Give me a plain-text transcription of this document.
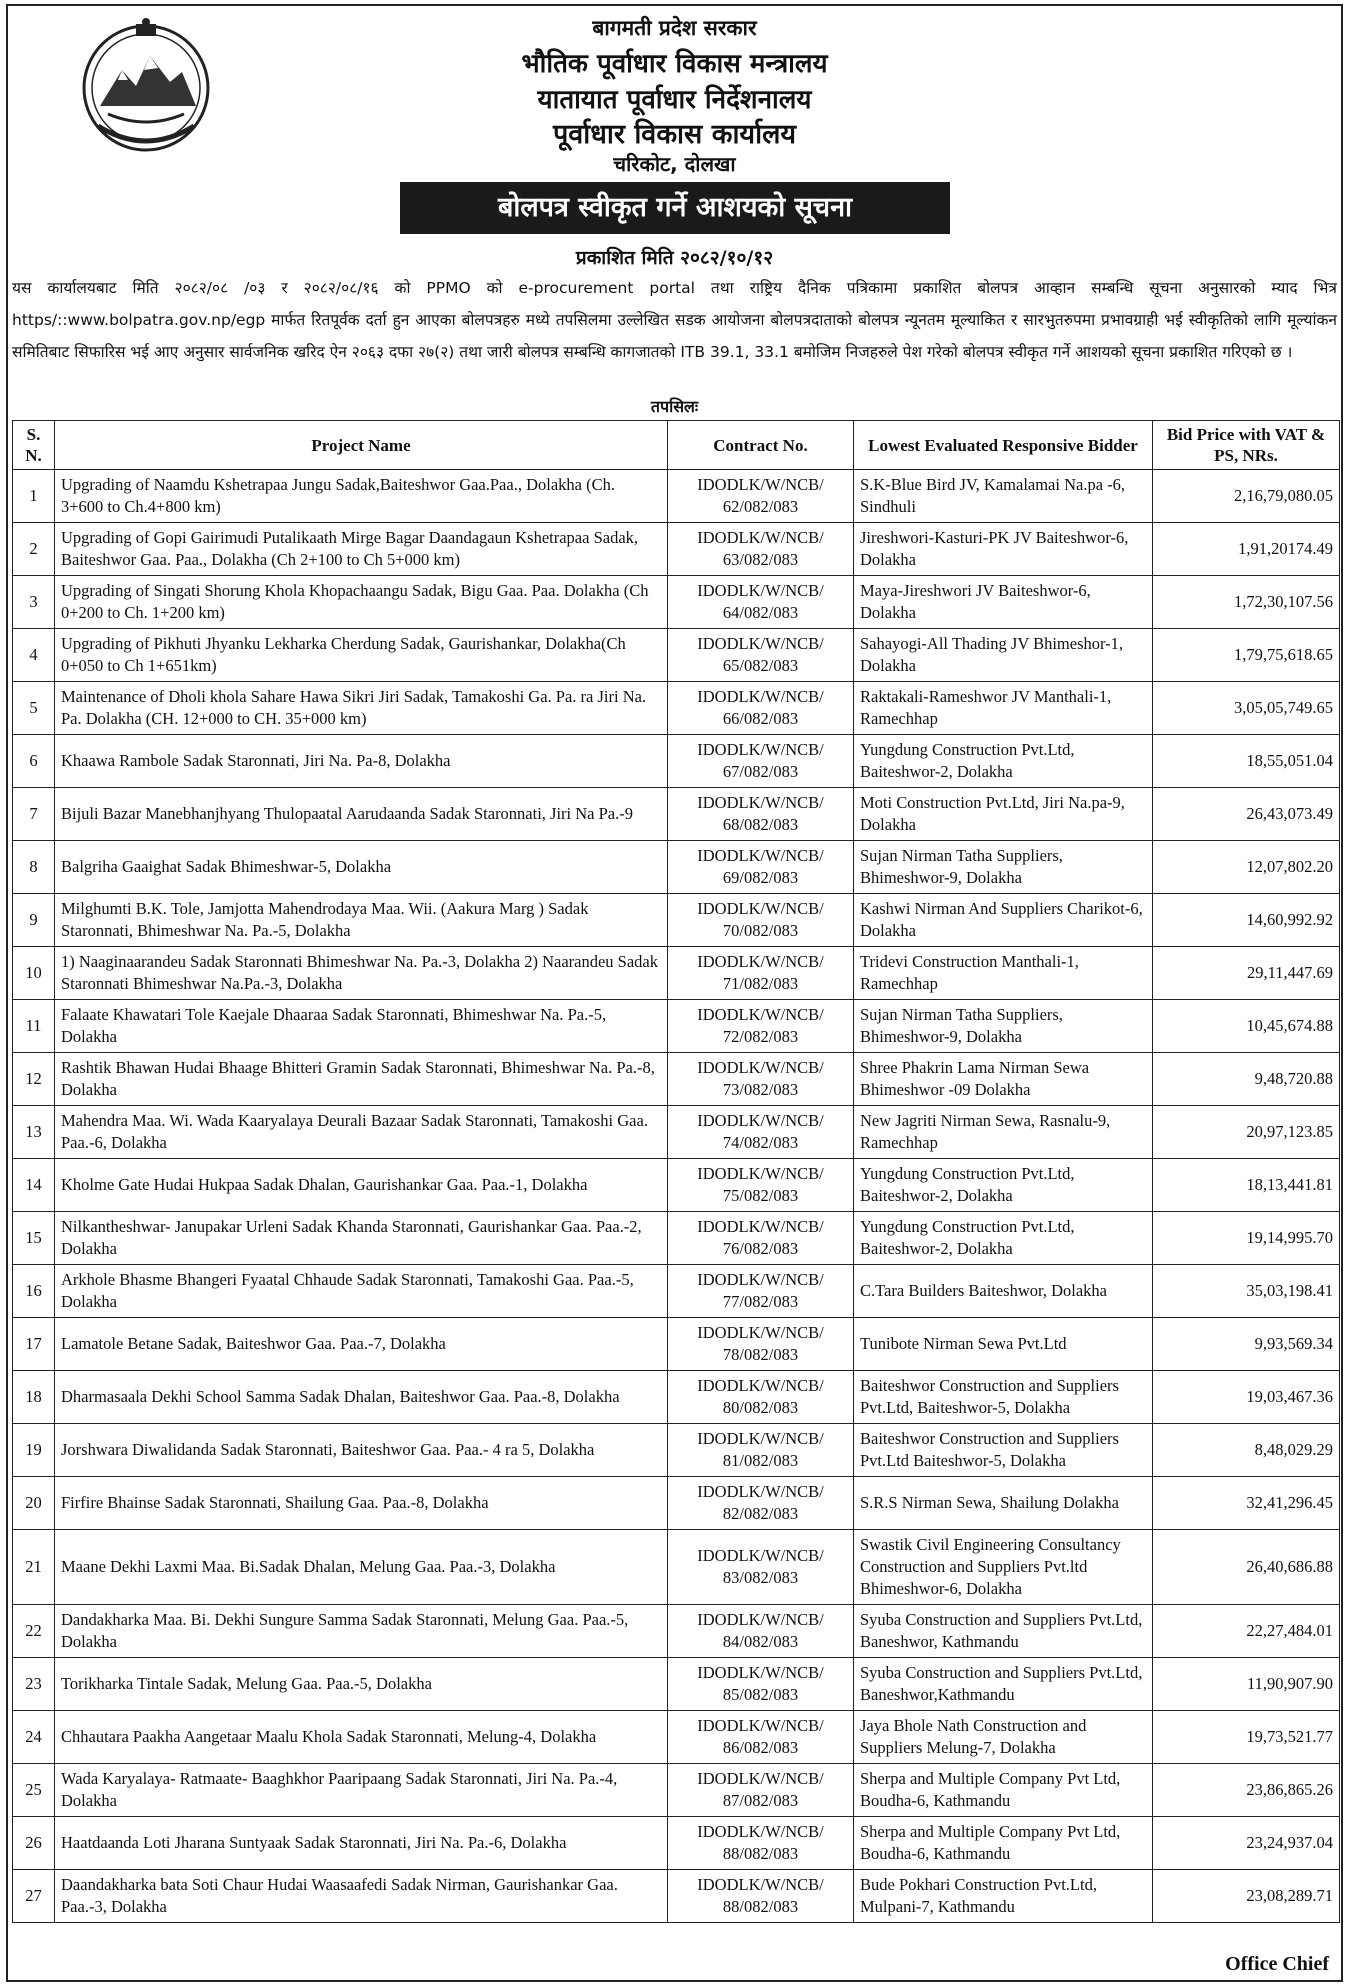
बागमती प्रदेश सरकार
भौतिक पूर्वाधार विकास मन्त्रालय
यातायात पूर्वाधार निर्देशनालय
पूर्वाधार विकास कार्यालय
चरिकोट, दोलखा
बोलपत्र स्वीकृत गर्ने आशयको सूचना
प्रकाशित मिति २०८२/१०/१२
यस कार्यालयबाट मिति २०८२/०८ /०३ र २०८२/०८/१६ को PPMO को e-procurement portal तथा राष्ट्रिय दैनिक पत्रिकामा प्रकाशित बोलपत्र आव्हान सम्बन्धि सूचना अनुसारको म्याद भित्र https/::www.bolpatra.gov.np/egp मार्फत रितपूर्वक दर्ता हुन आएका बोलपत्रहरु मध्ये तपसिलमा उल्लेखित सडक आयोजना बोलपत्रदाताको बोलपत्र न्यूनतम मूल्याकित र सारभुतरुपमा प्रभावग्राही भई स्वीकृतिको लागि मूल्यांकन समितिबाट सिफारिस भई आए अनुसार सार्वजनिक खरिद ऐन २०६३ दफा २७(२) तथा जारी बोलपत्र सम्बन्धि कागजातको ITB 39.1, 33.1 बमोजिम निजहरुले पेश गरेको बोलपत्र स्वीकृत गर्ने आशयको सूचना प्रकाशित गरिएको छ ।
तपसिलः
S. N.	Project Name	Contract No.	Lowest Evaluated Responsive Bidder	Bid Price with VAT & PS, NRs.
1	Upgrading of Naamdu Kshetrapaa Jungu Sadak,Baiteshwor Gaa.Paa., Dolakha (Ch. 3+600 to Ch.4+800 km)	IDODLK/W/NCB/ 62/082/083	S.K-Blue Bird JV, Kamalamai Na.pa -6, Sindhuli	2,16,79,080.05
2	Upgrading of Gopi Gairimudi Putalikaath Mirge Bagar Daandagaun Kshetrapaa Sadak, Baiteshwor Gaa. Paa., Dolakha (Ch 2+100 to Ch 5+000 km)	IDODLK/W/NCB/ 63/082/083	Jireshwori-Kasturi-PK JV Baiteshwor-6, Dolakha	1,91,20174.49
3	Upgrading of Singati Shorung Khola Khopachaangu Sadak, Bigu Gaa. Paa. Dolakha (Ch 0+200 to Ch. 1+200 km)	IDODLK/W/NCB/ 64/082/083	Maya-Jireshwori JV Baiteshwor-6, Dolakha	1,72,30,107.56
4	Upgrading of Pikhuti Jhyanku Lekharka Cherdung Sadak, Gaurishankar, Dolakha(Ch 0+050 to Ch 1+651km)	IDODLK/W/NCB/ 65/082/083	Sahayogi-All Thading JV Bhimeshor-1, Dolakha	1,79,75,618.65
5	Maintenance of Dholi khola Sahare Hawa Sikri Jiri Sadak, Tamakoshi Ga. Pa. ra Jiri Na. Pa. Dolakha (CH. 12+000 to CH. 35+000 km)	IDODLK/W/NCB/ 66/082/083	Raktakali-Rameshwor JV Manthali-1, Ramechhap	3,05,05,749.65
6	Khaawa Rambole Sadak Staronnati, Jiri Na. Pa-8, Dolakha	IDODLK/W/NCB/ 67/082/083	Yungdung Construction Pvt.Ltd, Baiteshwor-2, Dolakha	18,55,051.04
7	Bijuli Bazar Manebhanjhyang Thulopaatal Aarudaanda Sadak Staronnati, Jiri Na Pa.-9	IDODLK/W/NCB/ 68/082/083	Moti Construction Pvt.Ltd, Jiri Na.pa-9, Dolakha	26,43,073.49
8	Balgriha Gaaighat Sadak Bhimeshwar-5, Dolakha	IDODLK/W/NCB/ 69/082/083	Sujan Nirman Tatha Suppliers, Bhimeshwor-9, Dolakha	12,07,802.20
9	Milghumti B.K. Tole, Jamjotta Mahendrodaya Maa. Wii. (Aakura Marg ) Sadak Staronnati, Bhimeshwar Na. Pa.-5, Dolakha	IDODLK/W/NCB/ 70/082/083	Kashwi Nirman And Suppliers Charikot-6, Dolakha	14,60,992.92
10	1) Naaginaarandeu Sadak Staronnati Bhimeshwar Na. Pa.-3, Dolakha 2) Naarandeu Sadak Staronnati Bhimeshwar Na.Pa.-3, Dolakha	IDODLK/W/NCB/ 71/082/083	Tridevi Construction Manthali-1, Ramechhap	29,11,447.69
11	Falaate Khawatari Tole Kaejale Dhaaraa Sadak Staronnati, Bhimeshwar Na. Pa.-5, Dolakha	IDODLK/W/NCB/ 72/082/083	Sujan Nirman Tatha Suppliers, Bhimeshwor-9, Dolakha	10,45,674.88
12	Rashtik Bhawan Hudai Bhaage Bhitteri Gramin Sadak Staronnati, Bhimeshwar Na. Pa.-8, Dolakha	IDODLK/W/NCB/ 73/082/083	Shree Phakrin Lama Nirman Sewa Bhimeshwor -09 Dolakha	9,48,720.88
13	Mahendra Maa. Wi. Wada Kaaryalaya Deurali Bazaar Sadak Staronnati, Tamakoshi Gaa. Paa.-6, Dolakha	IDODLK/W/NCB/ 74/082/083	New Jagriti Nirman Sewa, Rasnalu-9, Ramechhap	20,97,123.85
14	Kholme Gate Hudai Hukpaa Sadak Dhalan, Gaurishankar Gaa. Paa.-1, Dolakha	IDODLK/W/NCB/ 75/082/083	Yungdung Construction Pvt.Ltd, Baiteshwor-2, Dolakha	18,13,441.81
15	Nilkantheshwar- Janupakar Urleni Sadak Khanda Staronnati, Gaurishankar Gaa. Paa.-2, Dolakha	IDODLK/W/NCB/ 76/082/083	Yungdung Construction Pvt.Ltd, Baiteshwor-2, Dolakha	19,14,995.70
16	Arkhole Bhasme Bhangeri Fyaatal Chhaude Sadak Staronnati, Tamakoshi Gaa. Paa.-5, Dolakha	IDODLK/W/NCB/ 77/082/083	C.Tara Builders Baiteshwor, Dolakha	35,03,198.41
17	Lamatole Betane Sadak, Baiteshwor Gaa. Paa.-7, Dolakha	IDODLK/W/NCB/ 78/082/083	Tunibote Nirman Sewa Pvt.Ltd	9,93,569.34
18	Dharmasaala Dekhi School Samma Sadak Dhalan, Baiteshwor Gaa. Paa.-8, Dolakha	IDODLK/W/NCB/ 80/082/083	Baiteshwor Construction and Suppliers Pvt.Ltd, Baiteshwor-5, Dolakha	19,03,467.36
19	Jorshwara Diwalidanda Sadak Staronnati, Baiteshwor Gaa. Paa.- 4 ra 5, Dolakha	IDODLK/W/NCB/ 81/082/083	Baiteshwor Construction and Suppliers Pvt.Ltd Baiteshwor-5, Dolakha	8,48,029.29
20	Firfire Bhainse Sadak Staronnati, Shailung Gaa. Paa.-8, Dolakha	IDODLK/W/NCB/ 82/082/083	S.R.S Nirman Sewa, Shailung Dolakha	32,41,296.45
21	Maane Dekhi Laxmi Maa. Bi.Sadak Dhalan, Melung Gaa. Paa.-3, Dolakha	IDODLK/W/NCB/ 83/082/083	Swastik Civil Engineering Consultancy Construction and Suppliers Pvt.ltd Bhimeshwor-6, Dolakha	26,40,686.88
22	Dandakharka Maa. Bi. Dekhi Sungure Samma Sadak Staronnati, Melung Gaa. Paa.-5, Dolakha	IDODLK/W/NCB/ 84/082/083	Syuba Construction and Suppliers Pvt.Ltd, Baneshwor, Kathmandu	22,27,484.01
23	Torikharka Tintale Sadak, Melung Gaa. Paa.-5, Dolakha	IDODLK/W/NCB/ 85/082/083	Syuba Construction and Suppliers Pvt.Ltd, Baneshwor,Kathmandu	11,90,907.90
24	Chhautara Paakha Aangetaar Maalu Khola Sadak Staronnati, Melung-4, Dolakha	IDODLK/W/NCB/ 86/082/083	Jaya Bhole Nath Construction and Suppliers Melung-7, Dolakha	19,73,521.77
25	Wada Karyalaya- Ratmaate- Baaghkhor Paaripaang Sadak Staronnati, Jiri Na. Pa.-4, Dolakha	IDODLK/W/NCB/ 87/082/083	Sherpa and Multiple Company Pvt Ltd, Boudha-6, Kathmandu	23,86,865.26
26	Haatdaanda Loti Jharana Suntyaak Sadak Staronnati, Jiri Na. Pa.-6, Dolakha	IDODLK/W/NCB/ 88/082/083	Sherpa and Multiple Company Pvt Ltd, Boudha-6, Kathmandu	23,24,937.04
27	Daandakharka bata Soti Chaur Hudai Waasaafedi Sadak Nirman, Gaurishankar Gaa. Paa.-3, Dolakha	IDODLK/W/NCB/ 88/082/083	Bude Pokhari Construction Pvt.Ltd, Mulpani-7, Kathmandu	23,08,289.71
Office Chief
